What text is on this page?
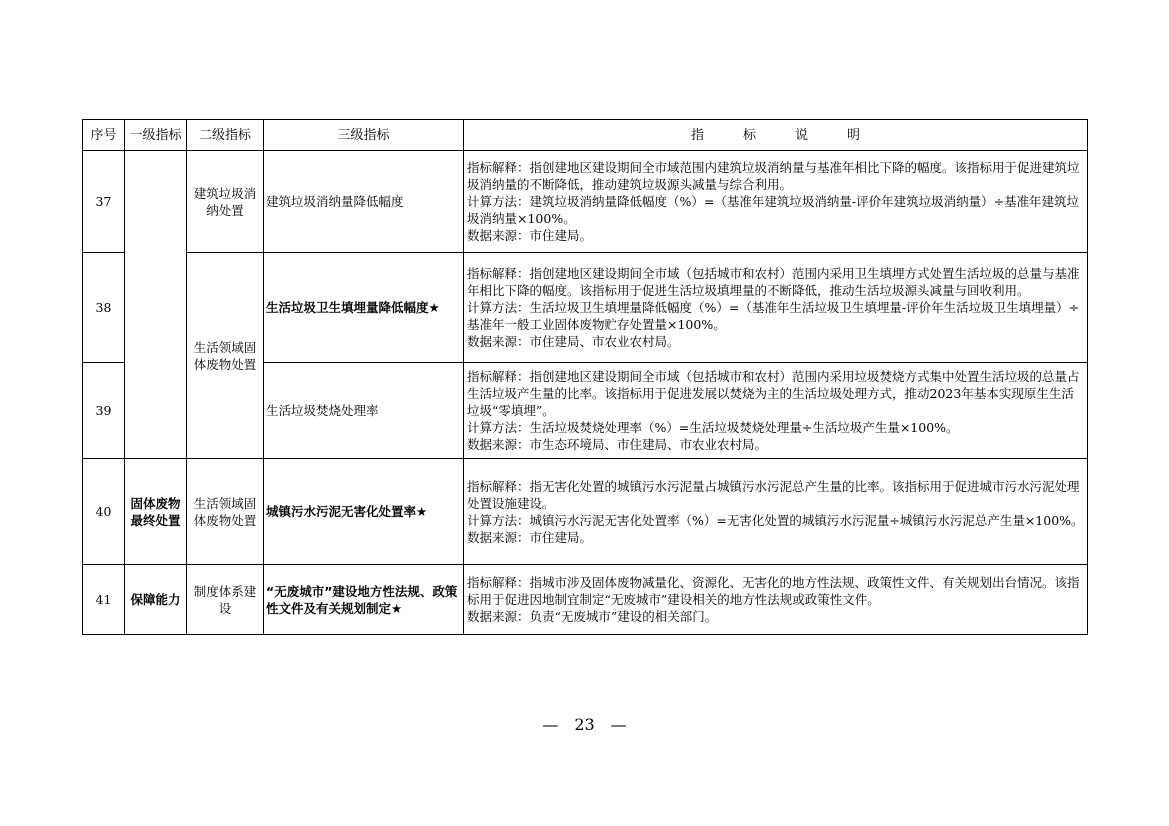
序号	一级指标	二级指标	三级指标	指　　　标　　　说　　　明
37		建筑垃圾消纳处置	建筑垃圾消纳量降低幅度	指标解释：指创建地区建设期间全市域范围内建筑垃圾消纳量与基准年相比下降的幅度。该指标用于促进建筑垃圾消纳量的不断降低，推动建筑垃圾源头减量与综合利用。
计算方法：建筑垃圾消纳量降低幅度（%）=（基准年建筑垃圾消纳量-评价年建筑垃圾消纳量）÷基准年建筑垃圾消纳量×100%。
数据来源：市住建局。

38		生活领域固体废物处置	生活垃圾卫生填埋量降低幅度★	指标解释：指创建地区建设期间全市域（包括城市和农村）范围内采用卫生填埋方式处置生活垃圾的总量与基准年相比下降的幅度。该指标用于促进生活垃圾填埋量的不断降低，推动生活垃圾源头减量与回收利用。
计算方法：生活垃圾卫生填埋量降低幅度（%）=（基准年生活垃圾卫生填埋量-评价年生活垃圾卫生填埋量）÷基准年一般工业固体废物贮存处置量×100%。
数据来源：市住建局、市农业农村局。

39			生活垃圾焚烧处理率	指标解释：指创建地区建设期间全市域（包括城市和农村）范围内采用垃圾焚烧方式集中处置生活垃圾的总量占生活垃圾产生量的比率。该指标用于促进发展以焚烧为主的生活垃圾处理方式，推动2023年基本实现原生生活垃圾“零填埋”。
计算方法：生活垃圾焚烧处理率（%）=生活垃圾焚烧处理量÷生活垃圾产生量×100%。
数据来源：市生态环境局、市住建局、市农业农村局。

40	固体废物最终处置	生活领域固体废物处置	城镇污水污泥无害化处置率★	指标解释：指无害化处置的城镇污水污泥量占城镇污水污泥总产生量的比率。该指标用于促进城市污水污泥处理处置设施建设。
计算方法：城镇污水污泥无害化处置率（%）=无害化处置的城镇污水污泥量÷城镇污水污泥总产生量×100%。
数据来源：市住建局。

41	保障能力	制度体系建设	“无废城市”建设地方性法规、政策性文件及有关规划制定★	指标解释：指城市涉及固体废物减量化、资源化、无害化的地方性法规、政策性文件、有关规划出台情况。该指标用于促进因地制宜制定“无废城市”建设相关的地方性法规或政策性文件。
数据来源：负责“无废城市”建设的相关部门。
—　23　—
